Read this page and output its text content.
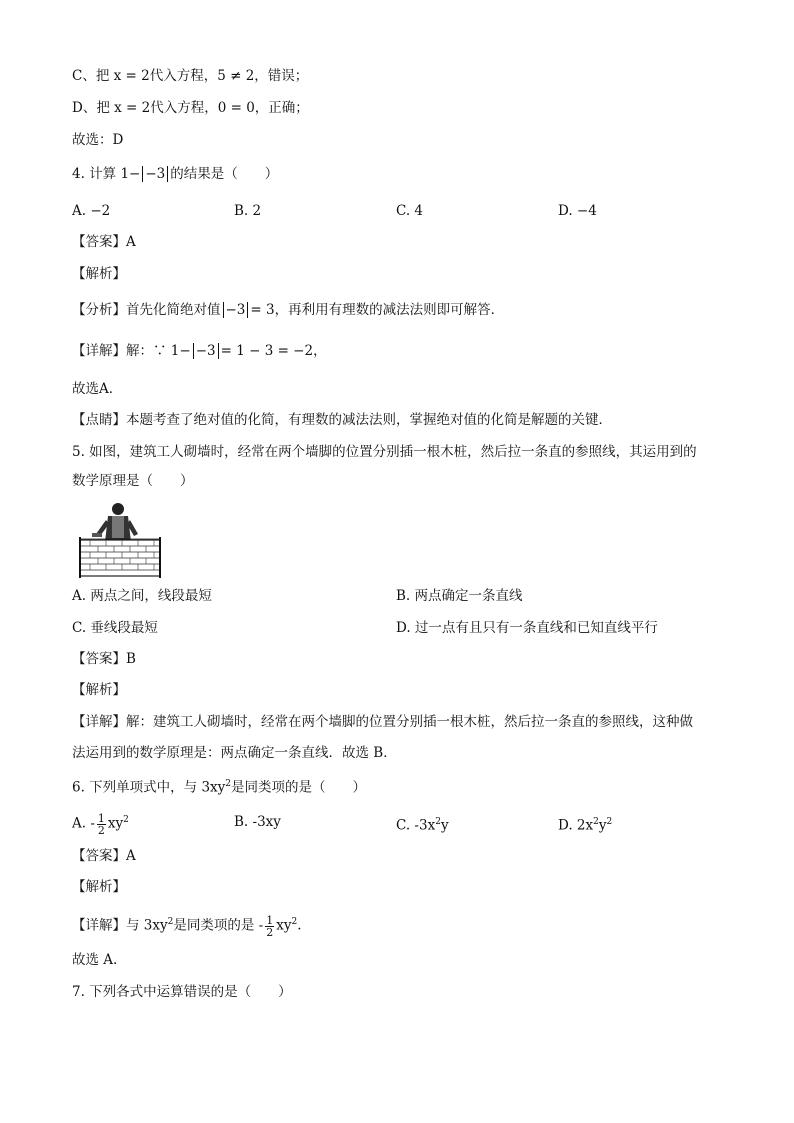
C、把 x = 2代入方程，5 ≠ 2，错误；
D、把 x = 2代入方程，0 = 0，正确；
故选：D
4. 计算 1− −3 的结果是（　　）
A. −2	B. 2	C. 4	D. −4
【答案】A
【解析】
【分析】首先化简绝对值 −3 = 3，再利用有理数的减法法则即可解答．
【详解】解：∵ 1− −3 = 1 − 3 = −2，
故选A．
【点睛】本题考查了绝对值的化简，有理数的减法法则，掌握绝对值的化简是解题的关键．
5. 如图，建筑工人砌墙时，经常在两个墙脚的位置分别插一根木桩，然后拉一条直的参照线，其运用到的
数学原理是（　　）
A. 两点之间，线段最短	B. 两点确定一条直线
C. 垂线段最短	D. 过一点有且只有一条直线和已知直线平行
【答案】B
【解析】
【详解】解：建筑工人砌墙时，经常在两个墙脚的位置分别插一根木桩，然后拉一条直的参照线，这种做
法运用到的数学原理是：两点确定一条直线．故选 B．
6. 下列单项式中，与 $3xy^2$是同类项的是（　　）
A. - $\frac{1}{2} xy^2$	B. -3xy	C. $-3x^2y$	D. $2x^2y^2$
【答案】A
【解析】
【详解】与 $3xy^2$是同类项的是 - $\frac{1}{2} xy^2$.
故选 A.
7. 下列各式中运算错误的是（　　）
